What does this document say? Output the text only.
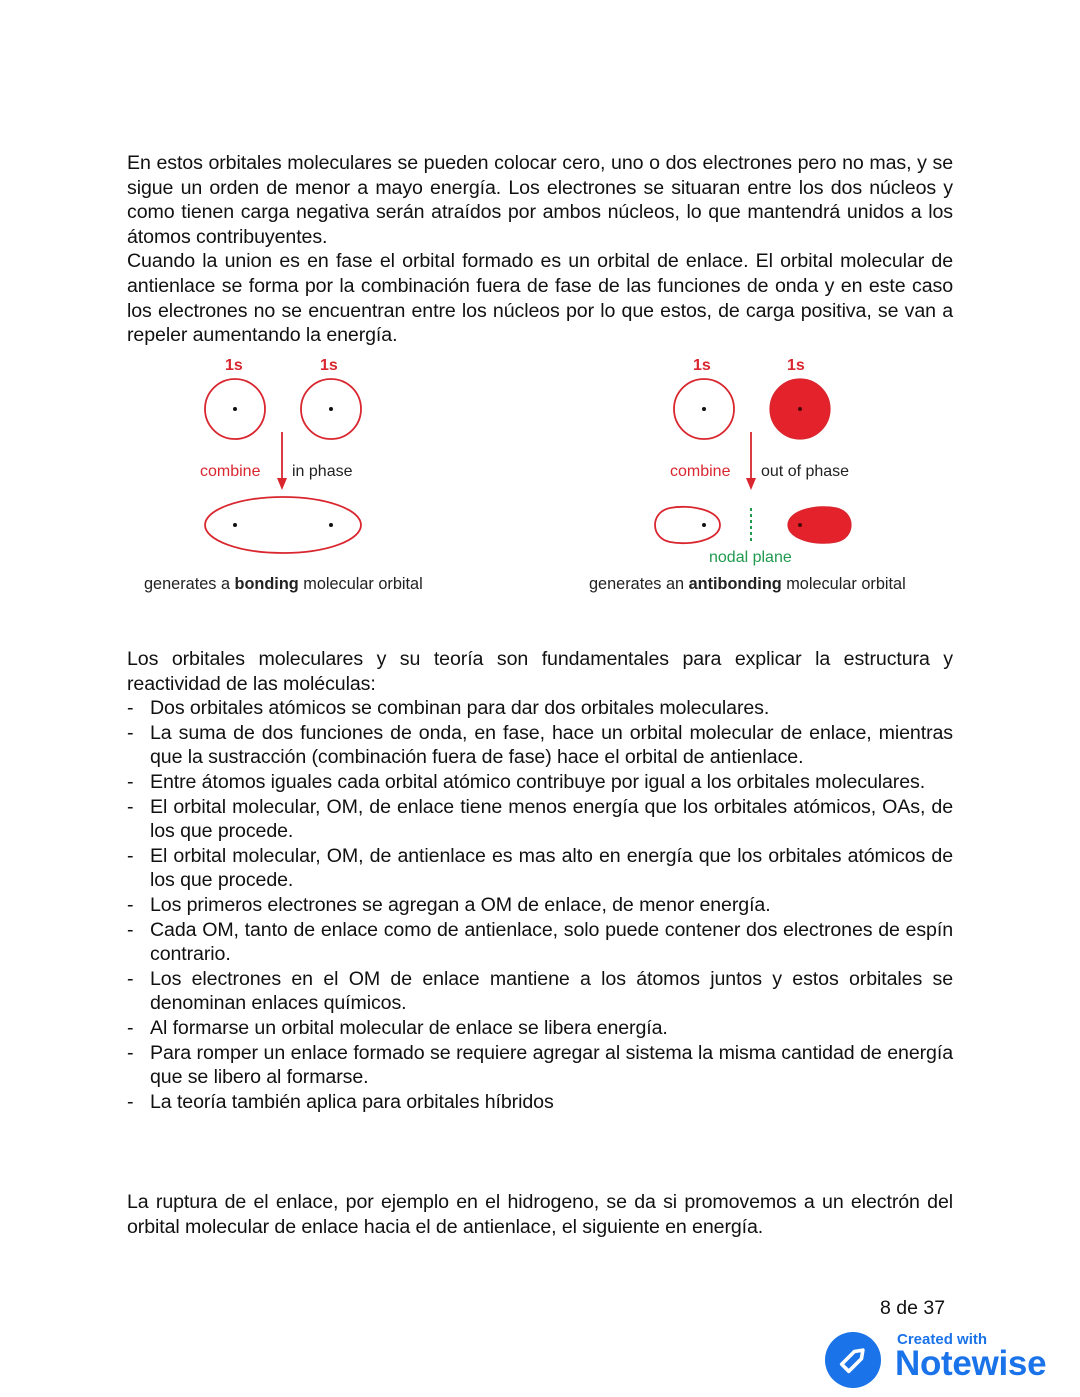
En estos orbitales moleculares se pueden colocar cero, uno o dos electrones pero no mas, y se sigue un orden de menor a mayo energía. Los electrones se situaran entre los dos núcleos y como tienen carga negativa serán atraídos por ambos núcleos, lo que mantendrá unidos a los átomos contribuyentes.

Cuando la union es en fase el orbital formado es un orbital de enlace. El orbital molecular de antienlace se forma por la combinación fuera de fase de las funciones de onda y en este caso los electrones no se encuentran entre los núcleos por lo que estos, de carga positiva, se van a repeler aumentando la energía.

1s	1s
combine in phase
generates a bonding molecular orbital
1s	1s
combine out of phase
nodal plane
generates an antibonding molecular orbital

Los orbitales moleculares y su teoría son fundamentales para explicar la estructura y reactividad de las moléculas:

- Dos orbitales atómicos se combinan para dar dos orbitales moleculares.
- La suma de dos funciones de onda, en fase, hace un orbital molecular de enlace, mientras que la sustracción (combinación fuera de fase) hace el orbital de antienlace.
- Entre átomos iguales cada orbital atómico contribuye por igual a los orbitales moleculares.
- El orbital molecular, OM, de enlace tiene menos energía que los orbitales atómicos, OAs, de los que procede.
- El orbital molecular, OM, de antienlace es mas alto en energía que los orbitales atómicos de los que procede.
- Los primeros electrones se agregan a OM de enlace, de menor energía.
- Cada OM, tanto de enlace como de antienlace, solo puede contener dos electrones de espín contrario.
- Los electrones en el OM de enlace mantiene a los átomos juntos y estos orbitales se denominan enlaces químicos.
- Al formarse un orbital molecular de enlace se libera energía.
- Para romper un enlace formado se requiere agregar al sistema la misma cantidad de energía que se libero al formarse.
- La teoría también aplica para orbitales híbridos

La ruptura de el enlace, por ejemplo en el hidrogeno, se da si promovemos a un electrón del orbital molecular de enlace hacia el de antienlace, el siguiente en energía.

8 de 37
Created with
Notewise
